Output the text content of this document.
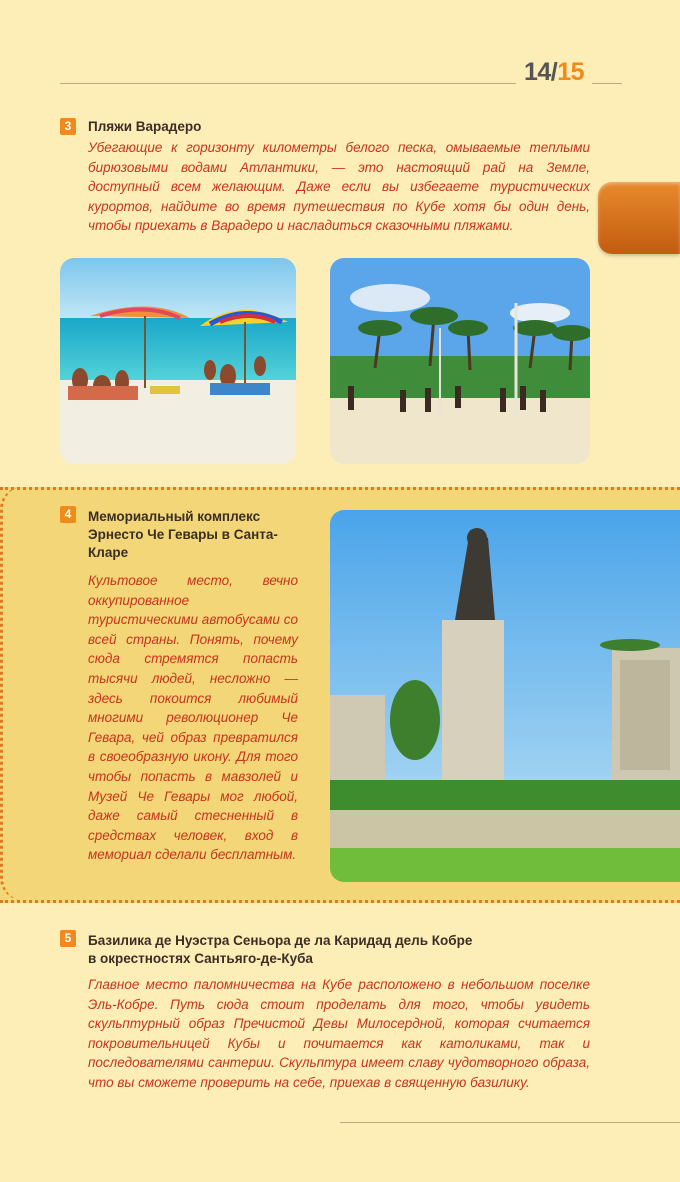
14/15
3	Пляжи Варадеро
Убегающие к горизонту километры белого песка, омываемые теплыми бирюзовыми водами Атлантики, — это настоящий рай на Земле, доступный всем желающим. Даже если вы избегаете туристических курортов, найдите во время путешествия по Кубе хотя бы один день, чтобы приехать в Варадеро и насладиться сказочными пляжами.
4	Мемориальный комплекс
Эрнесто Че Гевары в Санта-
Кларе
Культовое место, вечно оккупированное туристическими автобусами со всей страны. Понять, почему сюда стремятся попасть тысячи людей, несложно — здесь покоится любимый многими революционер Че Гевара, чей образ превратился в своеобразную икону. Для того чтобы попасть в мавзолей и Музей Че Гевары мог любой, даже самый стесненный в средствах человек, вход в мемориал сделали бесплатным.
5	Базилика де Нуэстра Сеньора де ла Каридад дель Кобре
в окрестностях Сантьяго-де-Куба
Главное место паломничества на Кубе расположено в небольшом поселке Эль-Кобре. Путь сюда стоит проделать для того, чтобы увидеть скульптурный образ Пречистой Девы Милосердной, которая считается покровительницей Кубы и почитается как католиками, так и последователями сантерии. Скульптура имеет славу чудотворного образа, что вы сможете проверить на себе, приехав в священную базилику.
